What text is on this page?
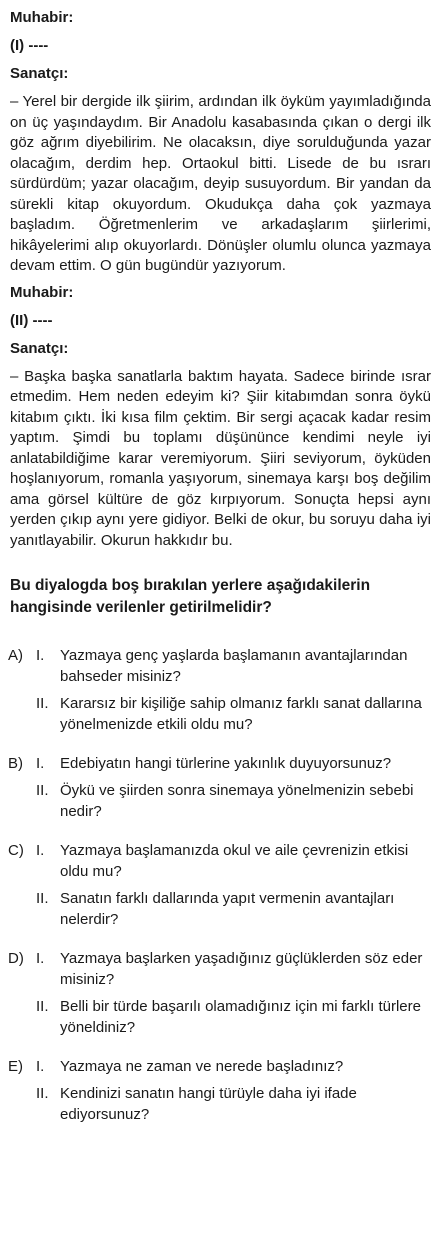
Muhabir:
(I) ----
Sanatçı:
– Yerel bir dergide ilk şiirim, ardından ilk öyküm yayımladığında on üç yaşındaydım. Bir Anadolu kasabasında çıkan o dergi ilk göz ağrım diyebilirim. Ne olacaksın, diye sorulduğunda yazar olacağım, derdim hep. Ortaokul bitti. Lisede de bu ısrarı sürdürdüm; yazar olacağım, deyip susuyordum. Bir yandan da sürekli kitap okuyordum. Okudukça daha çok yazmaya başladım. Öğretmenlerim ve arkadaşlarım şiirlerimi, hikâyelerimi alıp okuyorlardı. Dönüşler olumlu olunca yazmaya devam ettim. O gün bugündür yazıyorum.
Muhabir:
(II) ----
Sanatçı:
– Başka başka sanatlarla baktım hayata. Sadece birinde ısrar etmedim. Hem neden edeyim ki? Şiir kitabımdan sonra öykü kitabım çıktı. İki kısa film çektim. Bir sergi açacak kadar resim yaptım. Şimdi bu toplamı düşününce kendimi neyle iyi anlatabildiğime karar veremiyorum. Şiiri seviyorum, öyküden hoşlanıyorum, romanla yaşıyorum, sinemaya karşı boş değilim ama görsel kültüre de göz kırpıyorum. Sonuçta hepsi aynı yerden çıkıp aynı yere gidiyor. Belki de okur, bu soruyu daha iyi yanıtlayabilir. Okurun hakkıdır bu.
Bu diyalogda boş bırakılan yerlere aşağıdakilerin hangisinde verilenler getirilmelidir?
A) I.	Yazmaya genç yaşlarda başlamanın avantajlarından bahseder misiniz?
II. Kararsız bir kişiliğe sahip olmanız farklı sanat dallarına yönelmenizde etkili oldu mu?
B) I.	Edebiyatın hangi türlerine yakınlık duyuyorsunuz?
II. Öykü ve şiirden sonra sinemaya yönelmenizin sebebi nedir?
C) I.	Yazmaya başlamanızda okul ve aile çevrenizin etkisi oldu mu?
II. Sanatın farklı dallarında yapıt vermenin avantajları nelerdir?
D) I.	Yazmaya başlarken yaşadığınız güçlüklerden söz eder misiniz?
II. Belli bir türde başarılı olamadığınız için mi farklı türlere yöneldiniz?
E) I.	Yazmaya ne zaman ve nerede başladınız?
II. Kendinizi sanatın hangi türüyle daha iyi ifade ediyorsunuz?
